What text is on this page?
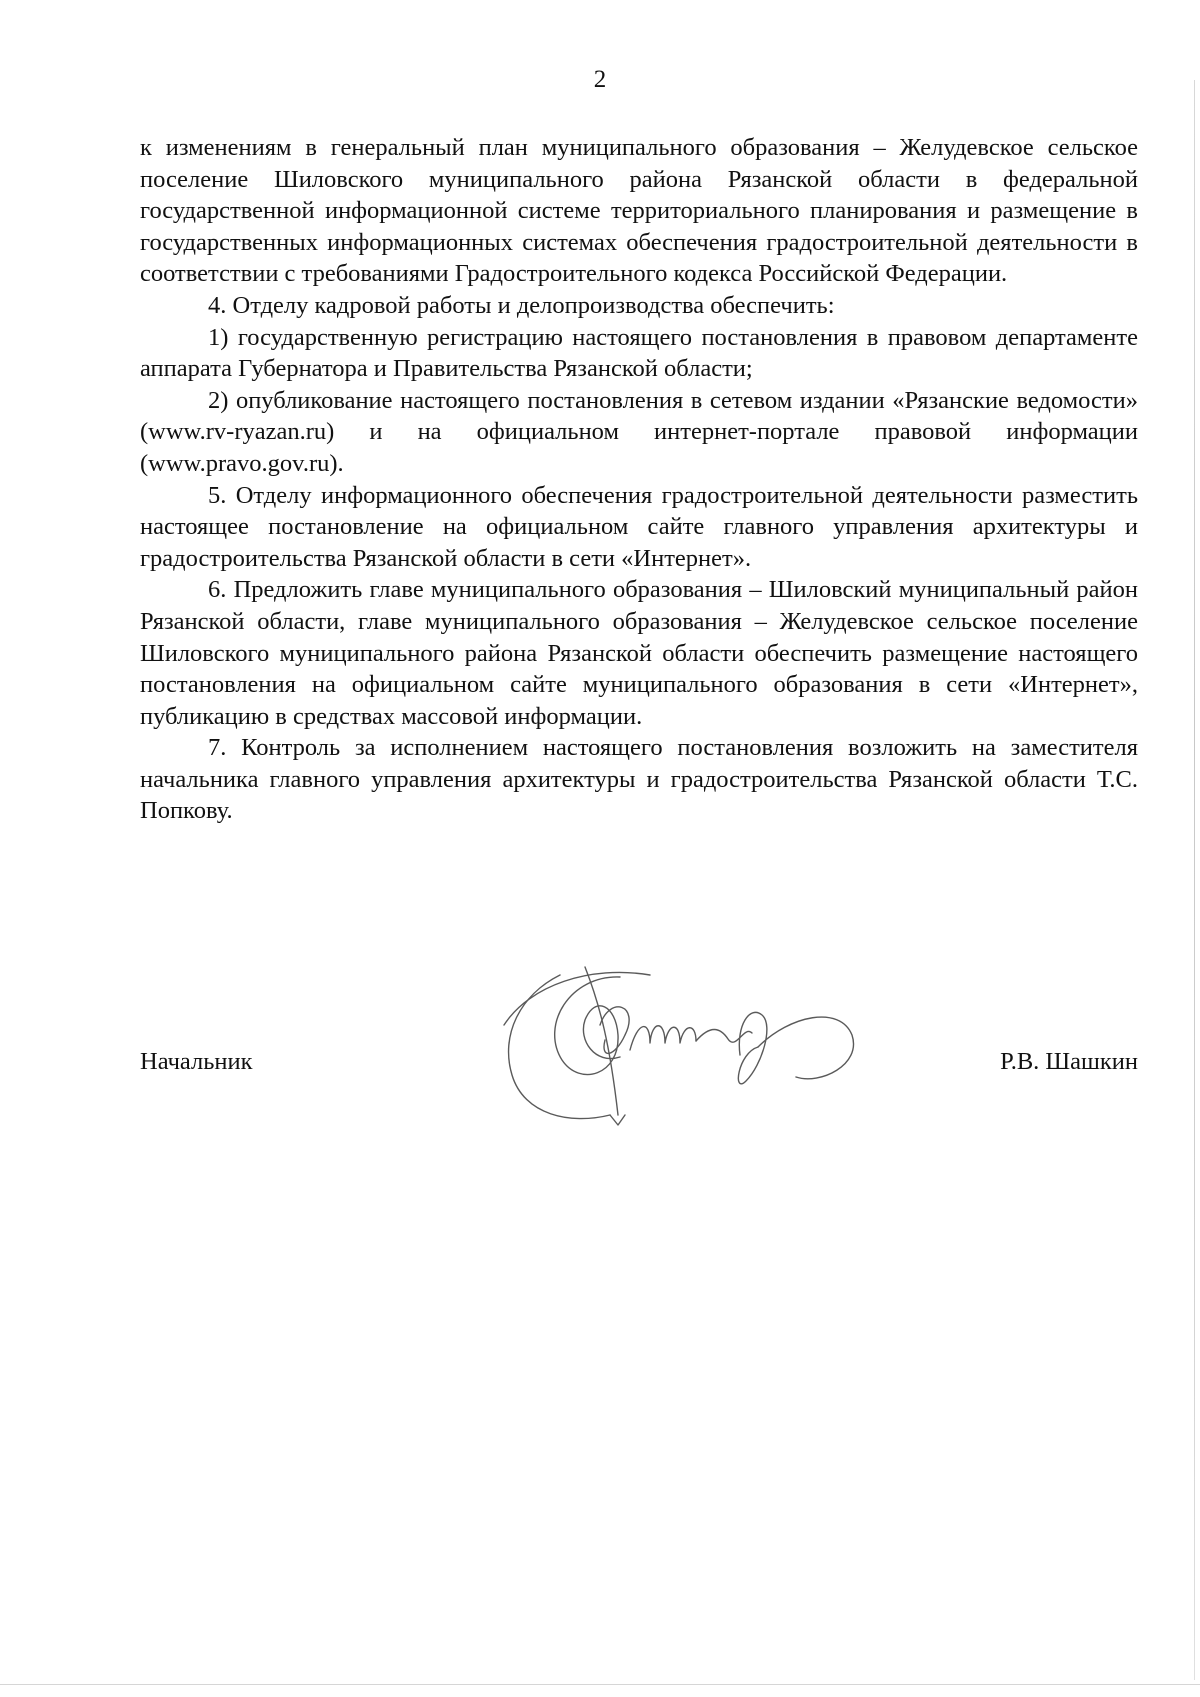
2

к изменениям в генеральный план муниципального образования – Желудевское сельское поселение Шиловского муниципального района Рязанской области в федеральной государственной информационной системе территориального планирования и размещение в государственных информационных системах обеспечения градостроительной деятельности в соответствии с требованиями Градостроительного кодекса Российской Федерации.

4. Отделу кадровой работы и делопроизводства обеспечить:

1) государственную регистрацию настоящего постановления в правовом департаменте аппарата Губернатора и Правительства Рязанской области;

2) опубликование настоящего постановления в сетевом издании «Рязанские ведомости» (www.rv-ryazan.ru) и на официальном интернет-портале правовой информации (www.pravo.gov.ru).

5. Отделу информационного обеспечения градостроительной деятельности разместить настоящее постановление на официальном сайте главного управления архитектуры и градостроительства Рязанской области в сети «Интернет».

6. Предложить главе муниципального образования – Шиловский муниципальный район Рязанской области, главе муниципального образования – Желудевское сельское поселение Шиловского муниципального района Рязанской области обеспечить размещение настоящего постановления на официальном сайте муниципального образования в сети «Интернет», публикацию в средствах массовой информации.

7. Контроль за исполнением настоящего постановления возложить на заместителя начальника главного управления архитектуры и градостроительства Рязанской области Т.С. Попкову.

Начальник	Р.В. Шашкин
